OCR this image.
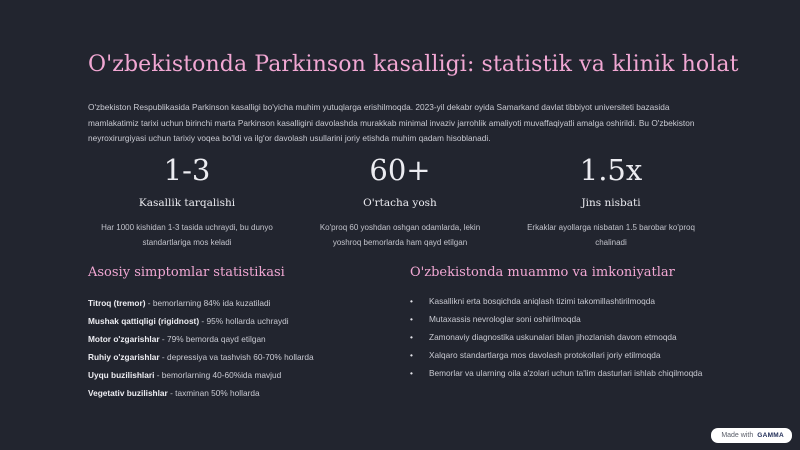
O'zbekistonda Parkinson kasalligi: statistik va klinik holat

O'zbekiston Respublikasida Parkinson kasalligi bo'yicha muhim yutuqlarga erishilmoqda. 2023-yil dekabr oyida Samarkand davlat tibbiyot universiteti bazasida mamlakatimiz tarixi uchun birinchi marta Parkinson kasalligini davolashda murakkab minimal invaziv jarrohlik amaliyoti muvaffaqiyatli amalga oshirildi. Bu O'zbekiston neyroxirurgiyasi uchun tarixiy voqea bo'ldi va ilg'or davolash usullarini joriy etishda muhim qadam hisoblanadi.

1-3
Kasallik tarqalishi
Har 1000 kishidan 1-3 tasida uchraydi, bu dunyo standartlariga mos keladi
60+
O'rtacha yosh
Ko'proq 60 yoshdan oshgan odamlarda, lekin yoshroq bemorlarda ham qayd etilgan
1.5x
Jins nisbati
Erkaklar ayollarga nisbatan 1.5 barobar ko'proq chalinadi
Asosiy simptomlar statistikasi
Titroq (tremor) - bemorlarning 84% ida kuzatiladi
Mushak qattiqligi (rigidnost) - 95% hollarda uchraydi
Motor o'zgarishlar - 79% bemorda qayd etilgan
Ruhiy o'zgarishlar - depressiya va tashvish 60-70% hollarda
Uyqu buzilishlari - bemorlarning 40-60%ida mavjud
Vegetativ buzilishlar - taxminan 50% hollarda
O'zbekistonda muammo va imkoniyatlar
• Kasallikni erta bosqichda aniqlash tizimi takomillashtirilmoqda
• Mutaxassis nevrologlar soni oshirilmoqda
• Zamonaviy diagnostika uskunalari bilan jihozlanish davom etmoqda
• Xalqaro standartlarga mos davolash protokollari joriy etilmoqda
• Bemorlar va ularning oila a'zolari uchun ta'lim dasturlari ishlab chiqilmoqda
Made with GAMMA
